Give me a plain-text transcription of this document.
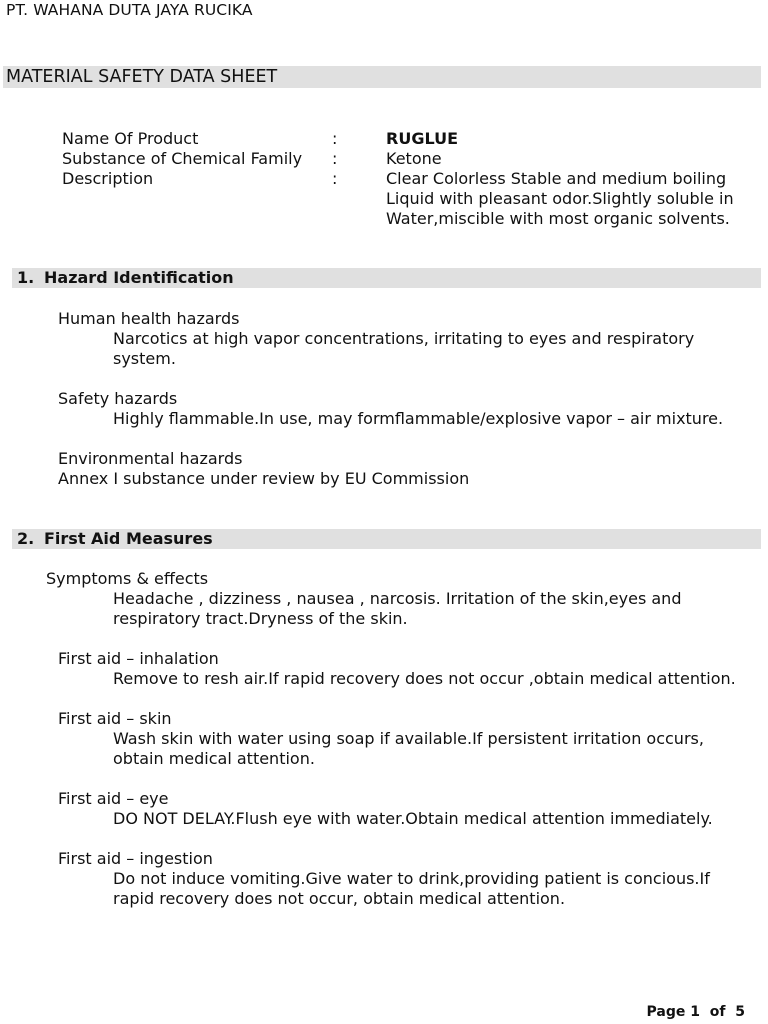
PT. WAHANA DUTA JAYA RUCIKA
MATERIAL SAFETY DATA SHEET
Name Of Product	:	RUGLUE
Substance of Chemical Family :	Ketone
Description	:	Clear Colorless Stable and medium boiling
Liquid with pleasant odor.Slightly soluble in
Water,miscible with most organic solvents.
1. Hazard Identification
Human health hazards
Narcotics at high vapor concentrations, irritating to eyes and respiratory
system.
Safety hazards
Highly flammable.In use, may formflammable/explosive vapor – air mixture.
Environmental hazards
Annex I substance under review by EU Commission
2. First Aid Measures
Symptoms & effects
Headache , dizziness , nausea , narcosis. Irritation of the skin,eyes and
respiratory tract.Dryness of the skin.
First aid – inhalation
Remove to resh air.If rapid recovery does not occur ,obtain medical attention.
First aid – skin
Wash skin with water using soap if available.If persistent irritation occurs,
obtain medical attention.
First aid – eye
DO NOT DELAY.Flush eye with water.Obtain medical attention immediately.
First aid – ingestion
Do not induce vomiting.Give water to drink,providing patient is concious.If
rapid recovery does not occur, obtain medical attention.
Page 1 of 5
